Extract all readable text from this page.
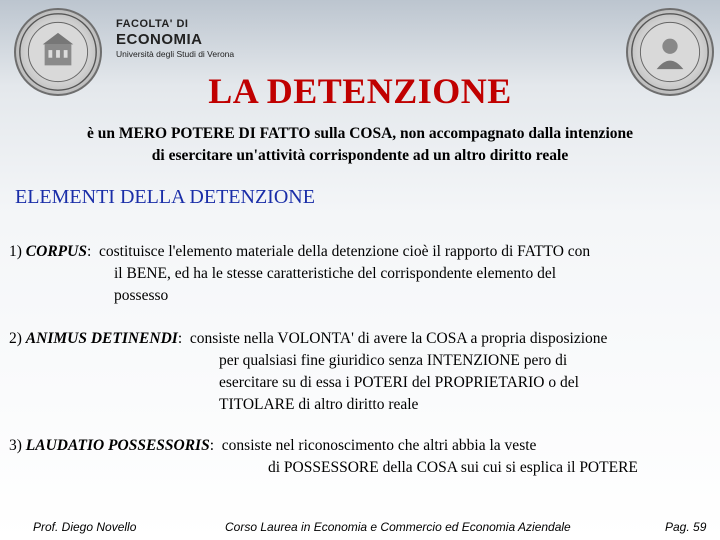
FACOLTA' DI
ECONOMIA
Università degli Studi di Verona
LA DETENZIONE
è un MERO POTERE DI FATTO sulla COSA, non accompagnato dalla intenzione
di esercitare un'attività corrispondente ad un altro diritto reale
ELEMENTI DELLA DETENZIONE
1) CORPUS: costituisce l'elemento materiale della detenzione cioè il rapporto di FATTO con
il BENE, ed ha le stesse caratteristiche del corrispondente elemento del
possesso
2) ANIMUS DETINENDI: consiste nella VOLONTA' di avere la COSA a propria disposizione
per qualsiasi fine giuridico senza INTENZIONE pero di
esercitare su di essa i POTERI del PROPRIETARIO o del
TITOLARE di altro diritto reale
3) LAUDATIO POSSESSORIS: consiste nel riconoscimento che altri abbia la veste
di POSSESSORE della COSA sui cui si esplica il POTERE
Prof. Diego Novello	Corso Laurea in Economia e Commercio ed Economia Aziendale	Pag. 59
